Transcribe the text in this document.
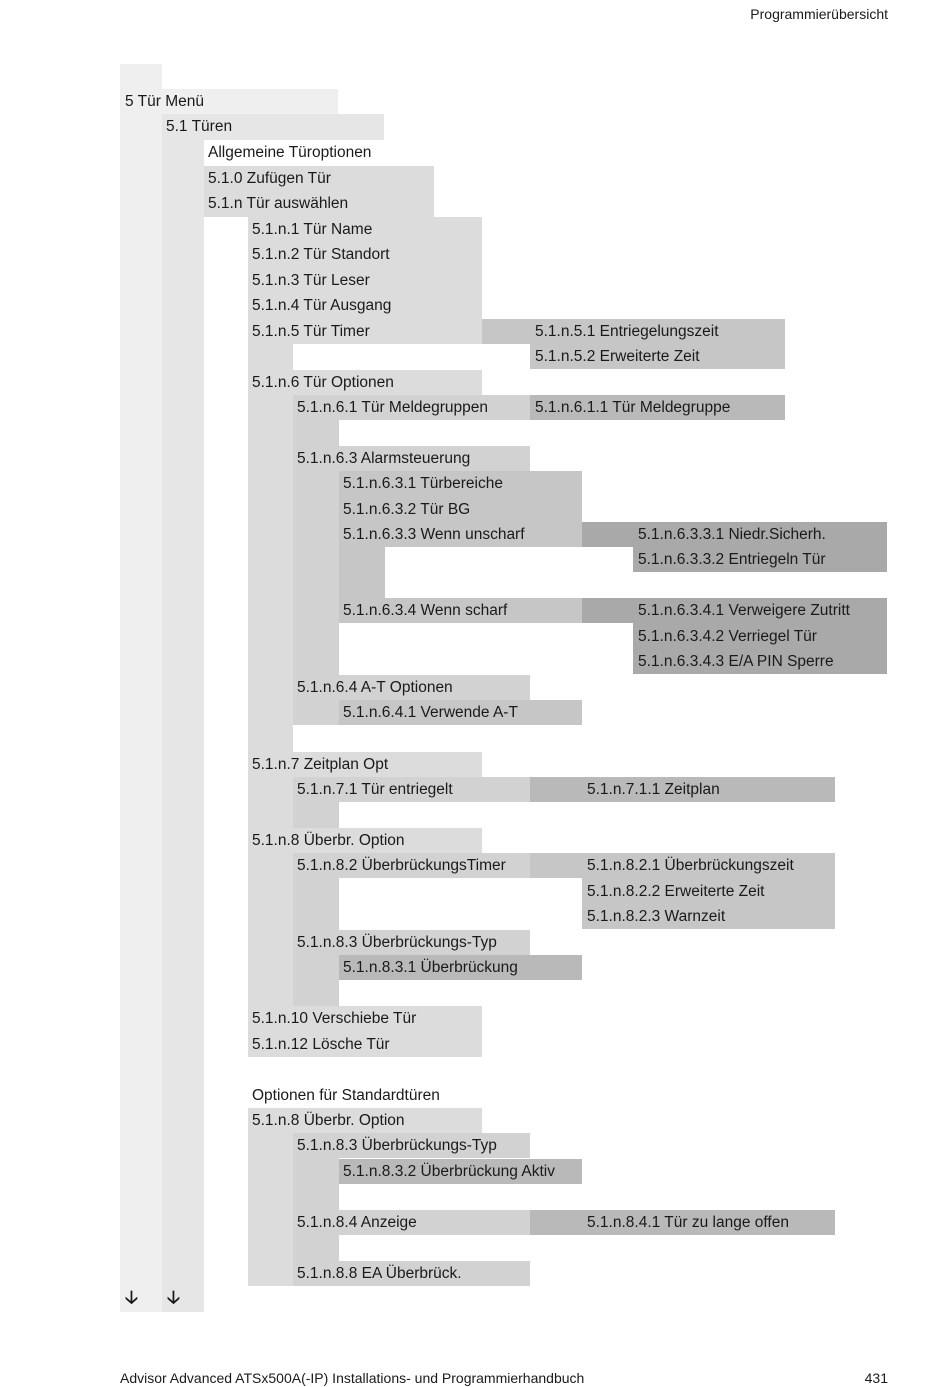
Programmierübersicht
5 Tür Menü
5.1 Türen
Allgemeine Türoptionen
5.1.0 Zufügen Tür
5.1.n Tür auswählen
5.1.n.1 Tür Name
5.1.n.2 Tür Standort
5.1.n.3 Tür Leser
5.1.n.4 Tür Ausgang
5.1.n.5 Tür Timer	5.1.n.5.1 Entriegelungszeit
5.1.n.5.2 Erweiterte Zeit
5.1.n.6 Tür Optionen
5.1.n.6.1 Tür Meldegruppen	5.1.n.6.1.1 Tür Meldegruppe
5.1.n.6.3 Alarmsteuerung
5.1.n.6.3.1 Türbereiche
5.1.n.6.3.2 Tür BG
5.1.n.6.3.3 Wenn unscharf	5.1.n.6.3.3.1 Niedr.Sicherh.
5.1.n.6.3.3.2 Entriegeln Tür
5.1.n.6.3.4 Wenn scharf	5.1.n.6.3.4.1 Verweigere Zutritt
5.1.n.6.3.4.2 Verriegel Tür
5.1.n.6.3.4.3 E/A PIN Sperre
5.1.n.6.4 A-T Optionen
5.1.n.6.4.1 Verwende A-T
5.1.n.7 Zeitplan Opt
5.1.n.7.1 Tür entriegelt	5.1.n.7.1.1 Zeitplan
5.1.n.8 Überbr. Option
5.1.n.8.2 ÜberbrückungsTimer	5.1.n.8.2.1 Überbrückungszeit
5.1.n.8.2.2 Erweiterte Zeit
5.1.n.8.2.3 Warnzeit
5.1.n.8.3 Überbrückungs-Typ
5.1.n.8.3.1 Überbrückung
5.1.n.10 Verschiebe Tür
5.1.n.12 Lösche Tür
Optionen für Standardtüren
5.1.n.8 Überbr. Option
5.1.n.8.3 Überbrückungs-Typ
5.1.n.8.3.2 Überbrückung Aktiv
5.1.n.8.4 Anzeige	5.1.n.8.4.1 Tür zu lange offen
5.1.n.8.8 EA Überbrück.
🡣 🡣
Advisor Advanced ATSx500A(-IP) Installations- und Programmierhandbuch	431
